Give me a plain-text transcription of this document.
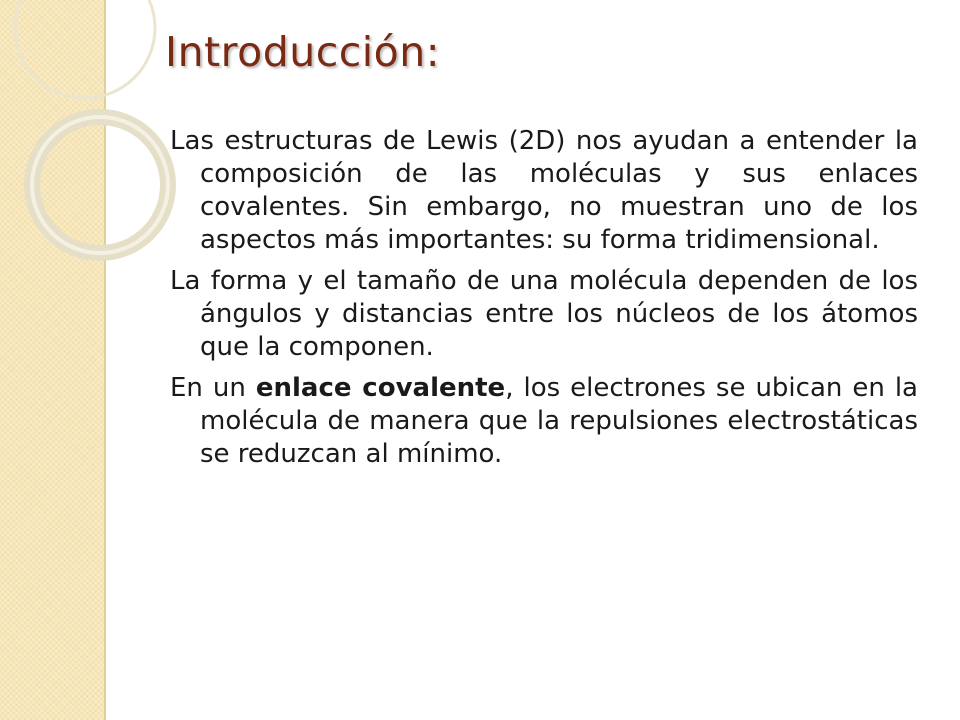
Introducción:

Las estructuras de Lewis (2D) nos ayudan a entender la composición de las moléculas y sus enlaces covalentes. Sin embargo, no muestran uno de los aspectos más importantes: su forma tridimensional.

La forma y el tamaño de una molécula dependen de los ángulos y distancias entre los núcleos de los átomos que la componen.

En un enlace covalente, los electrones se ubican en la molécula de manera que la repulsiones electrostáticas se reduzcan al mínimo.
